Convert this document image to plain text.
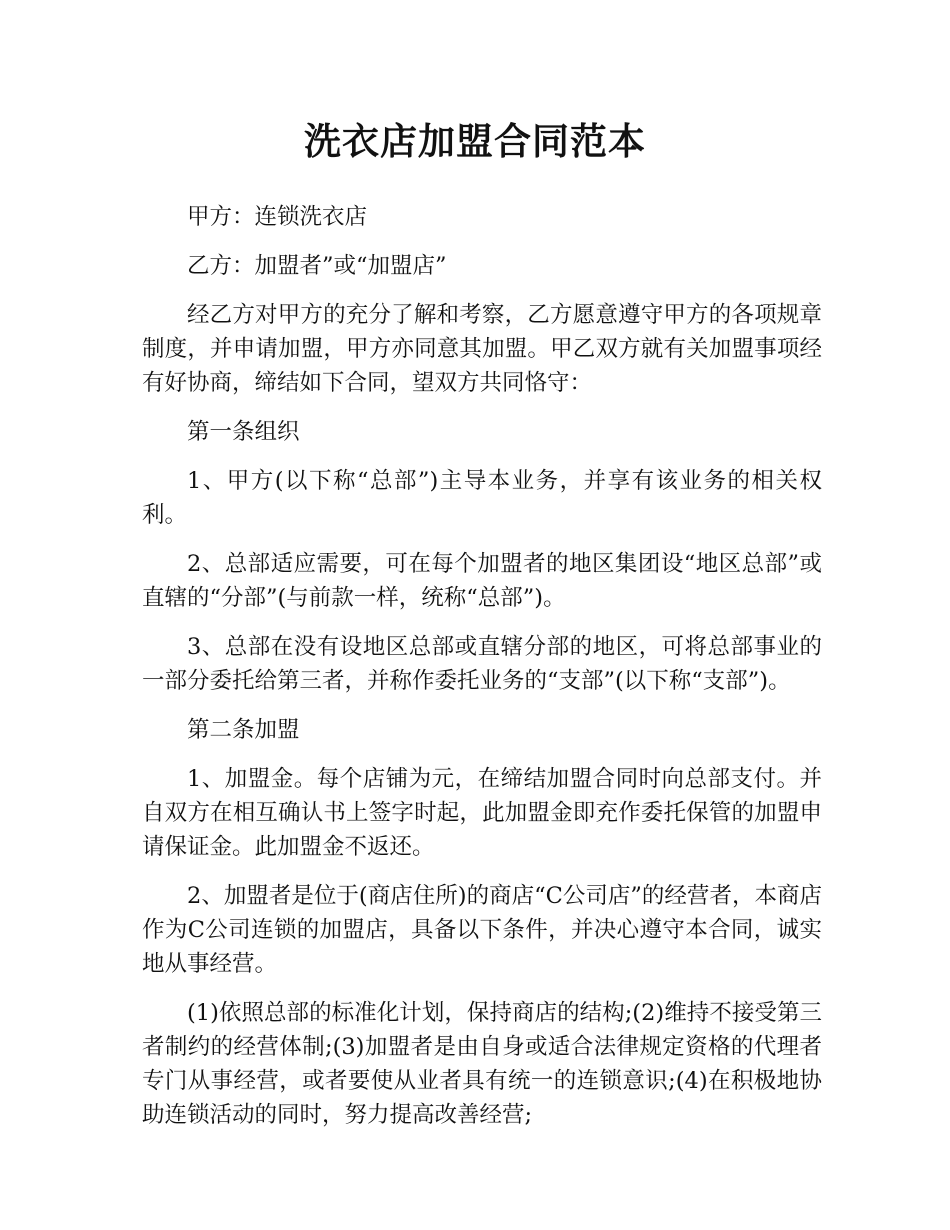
洗衣店加盟合同范本

甲方：连锁洗衣店

乙方：加盟者”或“加盟店”

经乙方对甲方的充分了解和考察，乙方愿意遵守甲方的各项规章制度，并申请加盟，甲方亦同意其加盟。甲乙双方就有关加盟事项经有好协商，缔结如下合同，望双方共同恪守：

第一条组织

1、甲方(以下称“总部”)主导本业务，并享有该业务的相关权利。

2、总部适应需要，可在每个加盟者的地区集团设“地区总部”或直辖的“分部”(与前款一样，统称“总部”)。

3、总部在没有设地区总部或直辖分部的地区，可将总部事业的一部分委托给第三者，并称作委托业务的“支部”(以下称“支部”)。

第二条加盟

1、加盟金。每个店铺为元，在缔结加盟合同时向总部支付。并自双方在相互确认书上签字时起，此加盟金即充作委托保管的加盟申请保证金。此加盟金不返还。

2、加盟者是位于(商店住所)的商店“C公司店”的经营者，本商店作为C公司连锁的加盟店，具备以下条件，并决心遵守本合同，诚实地从事经营。

(1)依照总部的标准化计划，保持商店的结构;(2)维持不接受第三者制约的经营体制;(3)加盟者是由自身或适合法律规定资格的代理者专门从事经营，或者要使从业者具有统一的连锁意识;(4)在积极地协助连锁活动的同时，努力提高改善经营;
